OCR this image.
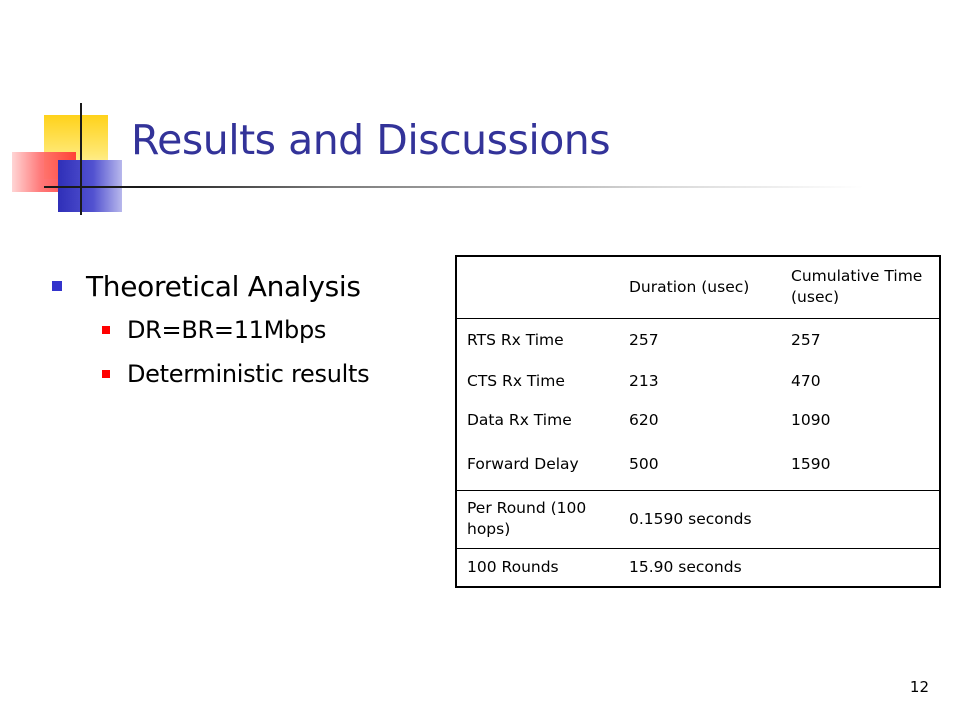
Results and Discussions
Theoretical Analysis
DR=BR=11Mbps
Deterministic results
	Duration (usec)	Cumulative Time (usec)
RTS Rx Time	257	257
CTS Rx Time	213	470
Data Rx Time	620	1090
Forward Delay	500	1590
Per Round (100 hops)	0.1590 seconds	
100 Rounds	15.90 seconds	
12
